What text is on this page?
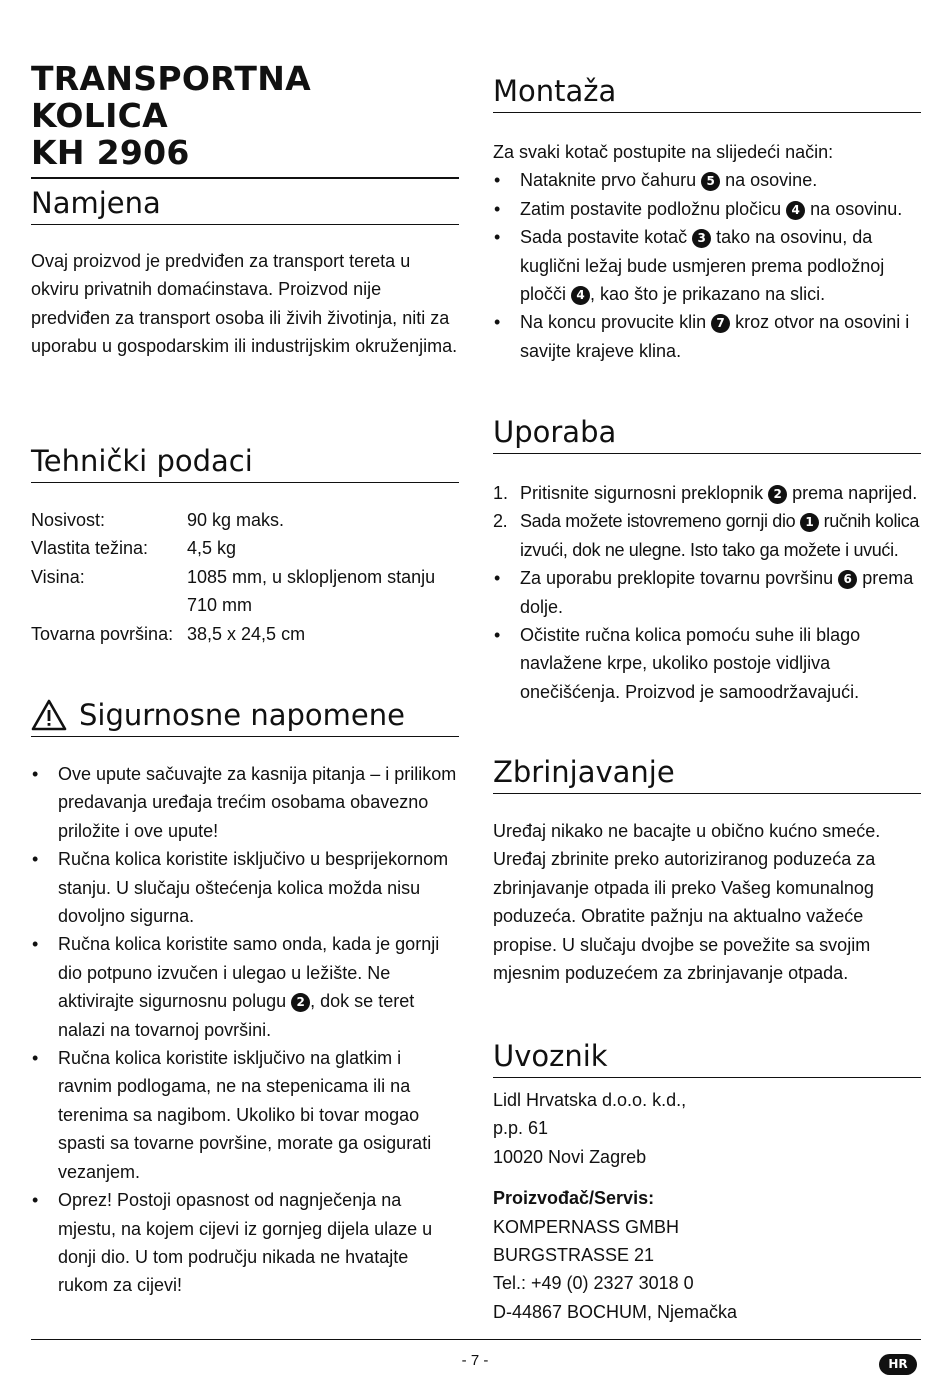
TRANSPORTNA KOLICA
KH 2906
Namjena

Ovaj proizvod je predviđen za transport tereta u okviru privatnih domaćinstava. Proizvod nije predviđen za transport osoba ili živih životinja, niti za uporabu u gospodarskim ili industrijskim okruženjima.

Tehnički podaci
Nosivost:	90 kg maks.
Vlastita težina:	4,5 kg
Visina:	1085 mm, u sklopljenom stanju 710 mm
Tovarna površina:	38,5 x 24,5 cm
Sigurnosne napomene
• Ove upute sačuvajte za kasnija pitanja – i prilikom predavanja uređaja trećim osobama obavezno priložite i ove upute!
• Ručna kolica koristite isključivo u besprijekornom stanju. U slučaju oštećenja kolica možda nisu dovoljno sigurna.
• Ručna kolica koristite samo onda, kada je gornji dio potpuno izvučen i ulegao u ležište. Ne aktivirajte sigurnosnu polugu 2 , dok se teret nalazi na tovarnoj površini.
• Ručna kolica koristite isključivo na glatkim i ravnim podlogama, ne na stepenicama ili na terenima sa nagibom. Ukoliko bi tovar mogao spasti sa tovarne površine, morate ga osigurati vezanjem.
• Oprez! Postoji opasnost od nagnječenja na mjestu, na kojem cijevi iz gornjeg dijela ulaze u donji dio. U tom području nikada ne hvatajte rukom za cijevi!
Montaža

Za svaki kotač postupite na slijedeći način:

• Nataknite prvo čahuru 5 na osovine.
• Zatim postavite podložnu pločicu 4 na osovinu.
• Sada postavite kotač 3 tako na osovinu, da kuglični ležaj bude usmjeren prema podložnoj pločči 4 , kao što je prikazano na slici.
• Na koncu provucite klin 7 kroz otvor na osovini i savijte krajeve klina.
Uporaba
1. Pritisnite sigurnosni preklopnik 2 prema naprijed.
2. Sada možete istovremeno gornji dio 1 ručnih kolica izvući, dok ne ulegne. Isto tako ga možete i uvući.
• Za uporabu preklopite tovarnu površinu 6 prema dolje.
• Očistite ručna kolica pomoću suhe ili blago navlažene krpe, ukoliko postoje vidljiva onečišćenja. Proizvod je samoodržavajući.
Zbrinjavanje

Uređaj nikako ne bacajte u obično kućno smeće. Uređaj zbrinite preko autoriziranog poduzeća za zbrinjavanje otpada ili preko Vašeg komunalnog poduzeća. Obratite pažnju na aktualno važeće propise. U slučaju dvojbe se povežite sa svojim mjesnim poduzećem za zbrinjavanje otpada.

Uvoznik
Lidl Hrvatska d.o.o. k.d.,
p.p. 61
10020 Novi Zagreb
Proizvođač/Servis:
KOMPERNASS GMBH
BURGSTRASSE 21
Tel.: +49 (0) 2327 3018 0
D-44867 BOCHUM, Njemačka
- 7 -	HR
